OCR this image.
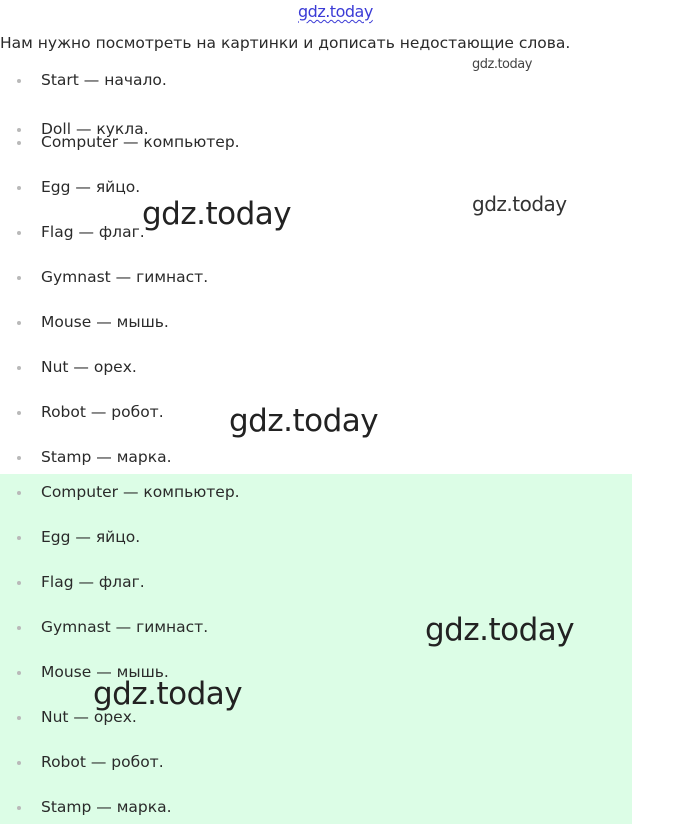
gdz.today
Нам нужно посмотреть на картинки и дописать недостающие слова.
Start — начало.
Doll — кукла.
Computer — компьютер.
Egg — яйцо.
Flag — флаг.
Gymnast — гимнаст.
Mouse — мышь.
Nut — орех.
Robot — робот.
Stamp — марка.
Computer — компьютер.
Egg — яйцо.
Flag — флаг.
Gymnast — гимнаст.
Mouse — мышь.
Nut — орех.
Robot — робот.
Stamp — марка.
gdz.today
gdz.today
gdz.today
gdz.today
gdz.today
gdz.today
